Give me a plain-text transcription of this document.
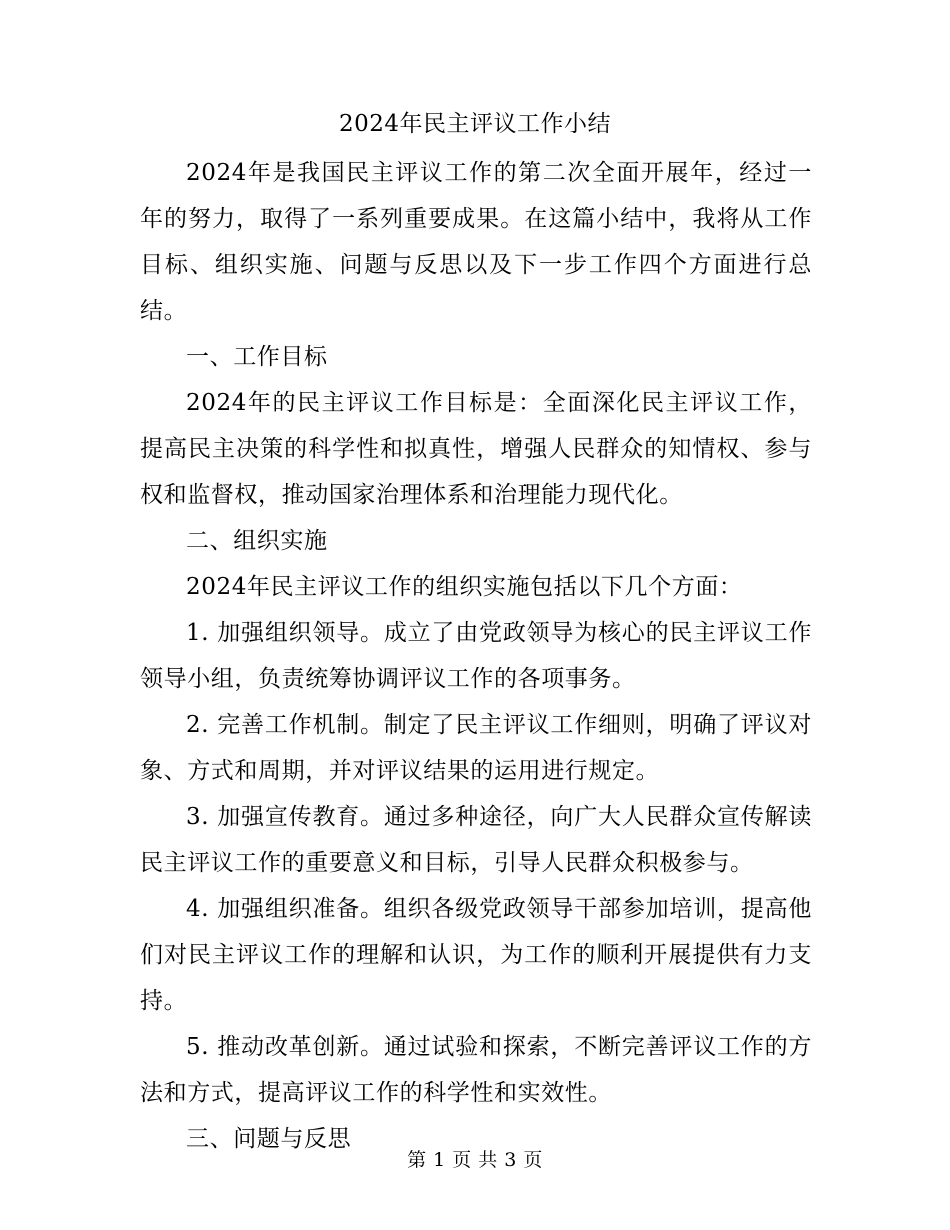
2024年民主评议工作小结

2024年是我国民主评议工作的第二次全面开展年，经过一年的努力，取得了一系列重要成果。在这篇小结中，我将从工作目标、组织实施、问题与反思以及下一步工作四个方面进行总结。

一、工作目标

2024年的民主评议工作目标是：全面深化民主评议工作，提高民主决策的科学性和拟真性，增强人民群众的知情权、参与权和监督权，推动国家治理体系和治理能力现代化。

二、组织实施

2024年民主评议工作的组织实施包括以下几个方面：

1. 加强组织领导。成立了由党政领导为核心的民主评议工作领导小组，负责统筹协调评议工作的各项事务。

2. 完善工作机制。制定了民主评议工作细则，明确了评议对象、方式和周期，并对评议结果的运用进行规定。

3. 加强宣传教育。通过多种途径，向广大人民群众宣传解读民主评议工作的重要意义和目标，引导人民群众积极参与。

4. 加强组织准备。组织各级党政领导干部参加培训，提高他们对民主评议工作的理解和认识，为工作的顺利开展提供有力支持。

5. 推动改革创新。通过试验和探索，不断完善评议工作的方法和方式，提高评议工作的科学性和实效性。

三、问题与反思

第 1 页 共 3 页
